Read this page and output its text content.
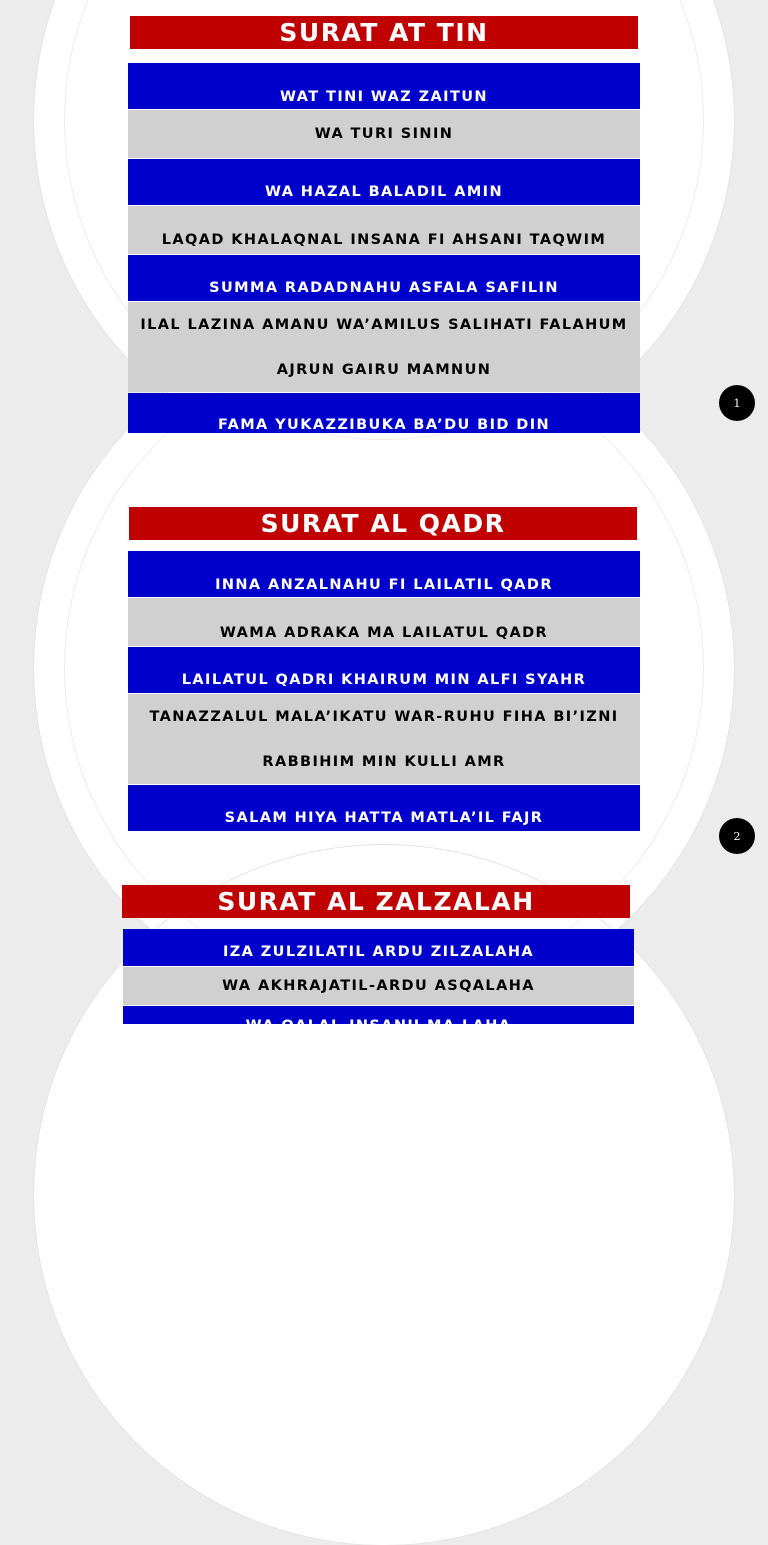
SURAT AT TIN
WAT TINI WAZ ZAITUN
WA TURI SININ
WA HAZAL BALADIL AMIN
LAQAD KHALAQNAL INSANA FI AHSANI TAQWIM
SUMMA RADADNAHU ASFALA SAFILIN
ILAL LAZINA AMANU WA’AMILUS SALIHATI FALAHUM
AJRUN GAIRU MAMNUN
FAMA YUKAZZIBUKA BA’DU BID DIN
1
SURAT AL QADR
INNA ANZALNAHU FI LAILATIL QADR
WAMA ADRAKA MA LAILATUL QADR
LAILATUL QADRI KHAIRUM MIN ALFI SYAHR
TANAZZALUL MALA’IKATU WAR-RUHU FIHA BI’IZNI
RABBIHIM MIN KULLI AMR
SALAM HIYA HATTA MATLA’IL FAJR
2
SURAT AL ZALZALAH
IZA ZULZILATIL ARDU ZILZALAHA
WA AKHRAJATIL-ARDU ASQALAHA
